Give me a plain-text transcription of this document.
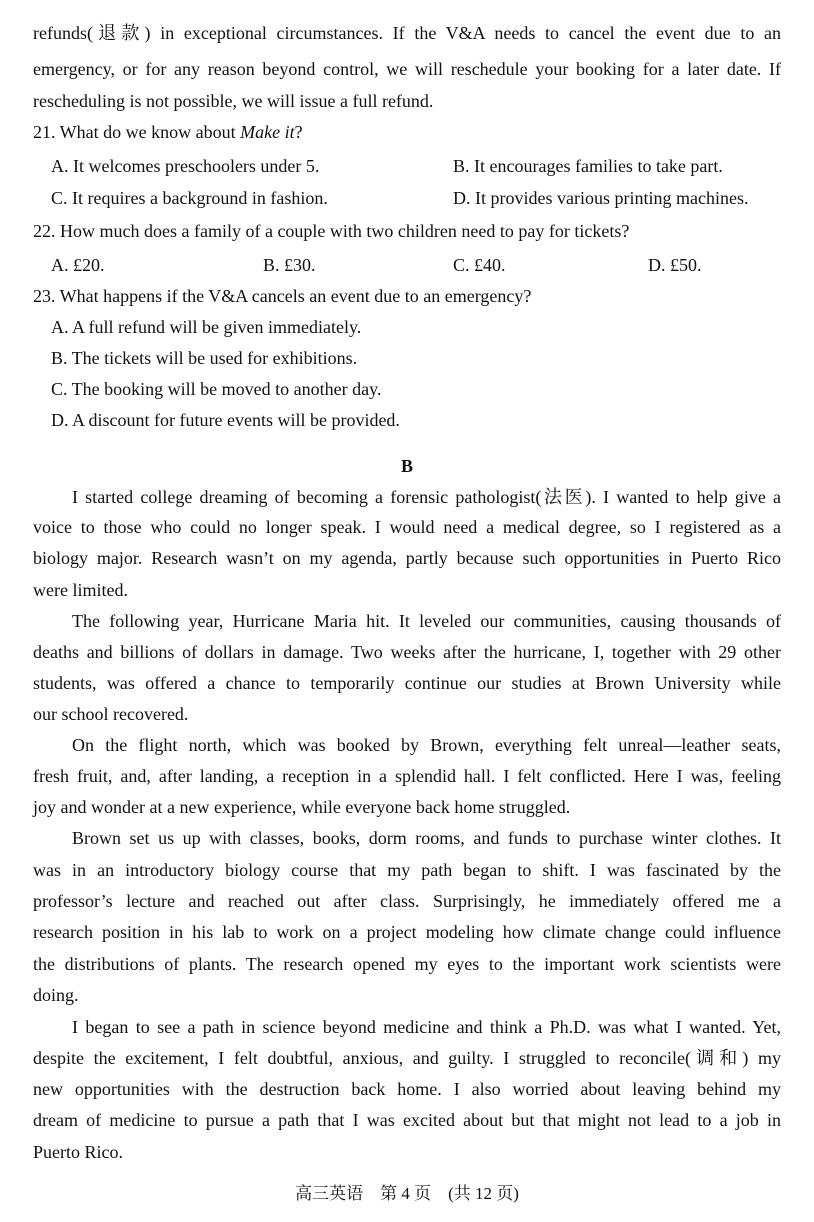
refunds(退款) in exceptional circumstances. If the V&A needs to cancel the event due to an
emergency, or for any reason beyond control, we will reschedule your booking for a later date. If
rescheduling is not possible, we will issue a full refund.
21. What do we know about Make it?
A. It welcomes preschoolers under 5.	B. It encourages families to take part.
C. It requires a background in fashion.	D. It provides various printing machines.
22. How much does a family of a couple with two children need to pay for tickets?
A. £20.	B. £30.	C. £40.	D. £50.
23. What happens if the V&A cancels an event due to an emergency?
A. A full refund will be given immediately.
B. The tickets will be used for exhibitions.
C. The booking will be moved to another day.
D. A discount for future events will be provided.
B
I started college dreaming of becoming a forensic pathologist(法医). I wanted to help give a
voice to those who could no longer speak. I would need a medical degree, so I registered as a
biology major. Research wasn’t on my agenda, partly because such opportunities in Puerto Rico
were limited.
The following year, Hurricane Maria hit. It leveled our communities, causing thousands of
deaths and billions of dollars in damage. Two weeks after the hurricane, I, together with 29 other
students, was offered a chance to temporarily continue our studies at Brown University while
our school recovered.
On the flight north, which was booked by Brown, everything felt unreal—leather seats,
fresh fruit, and, after landing, a reception in a splendid hall. I felt conflicted. Here I was, feeling
joy and wonder at a new experience, while everyone back home struggled.
Brown set us up with classes, books, dorm rooms, and funds to purchase winter clothes. It
was in an introductory biology course that my path began to shift. I was fascinated by the
professor’s lecture and reached out after class. Surprisingly, he immediately offered me a
research position in his lab to work on a project modeling how climate change could influence
the distributions of plants. The research opened my eyes to the important work scientists were
doing.
I began to see a path in science beyond medicine and think a Ph.D. was what I wanted. Yet,
despite the excitement, I felt doubtful, anxious, and guilty. I struggled to reconcile(调和) my
new opportunities with the destruction back home. I also worried about leaving behind my
dream of medicine to pursue a path that I was excited about but that might not lead to a job in
Puerto Rico.
高三英语　第 4 页　(共 12 页)
